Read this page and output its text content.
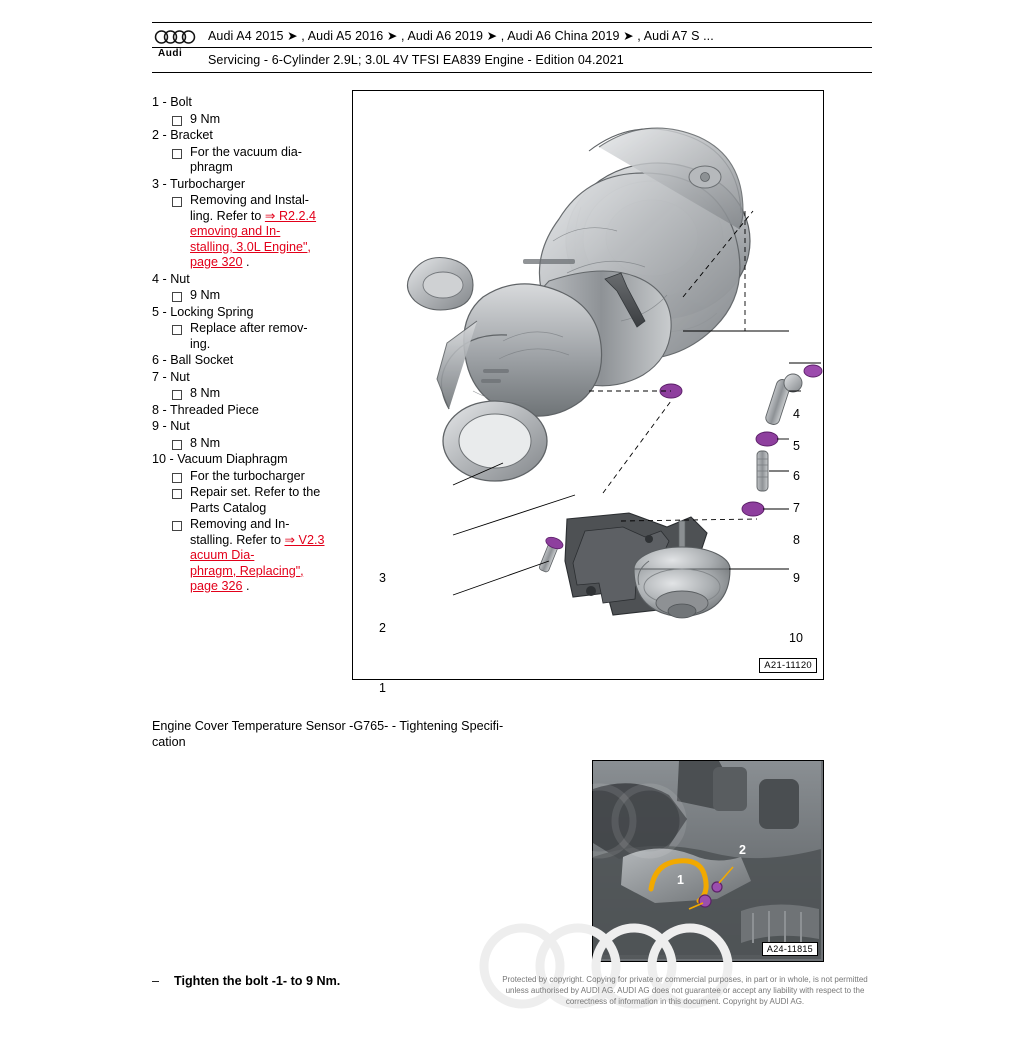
Audi A4 2015 ➤ , Audi A5 2016 ➤ , Audi A6 2019 ➤ , Audi A6 China 2019 ➤ , Audi A7 S ...
Servicing - 6-Cylinder 2.9L; 3.0L 4V TFSI EA839 Engine - Edition 04.2021
Audi
1 - Bolt
9 Nm
2 - Bracket
For the vacuum dia-
phragm
3 - Turbocharger
Removing and Instal-
ling. Refer to ⇒ R2.2.4 emoving and In-
stalling, 3.0L Engine",
page 320 .
4 - Nut
9 Nm
5 - Locking Spring
Replace after remov-
ing.
6 - Ball Socket
7 - Nut
8 Nm
8 - Threaded Piece
9 - Nut
8 Nm
10 - Vacuum Diaphragm
For the turbocharger
Repair set. Refer to the
Parts Catalog
Removing and In-
stalling. Refer to ⇒ V2.3 acuum Dia-
phragm, Replacing",
page 326 .
3
2
1
4
5
6
7
8
9
10
A21-11120
Engine Cover Temperature Sensor -G765- - Tightening Specifi-
cation
1
2
A24-11815
–	Tighten the bolt -1- to 9 Nm.	Protected by copyright. Copying for private or commercial purposes, in part or in whole, is not permitted unless authorised by AUDI AG. AUDI AG does not guarantee or accept any liability with respect to the correctness of information in this document. Copyright by AUDI AG.
